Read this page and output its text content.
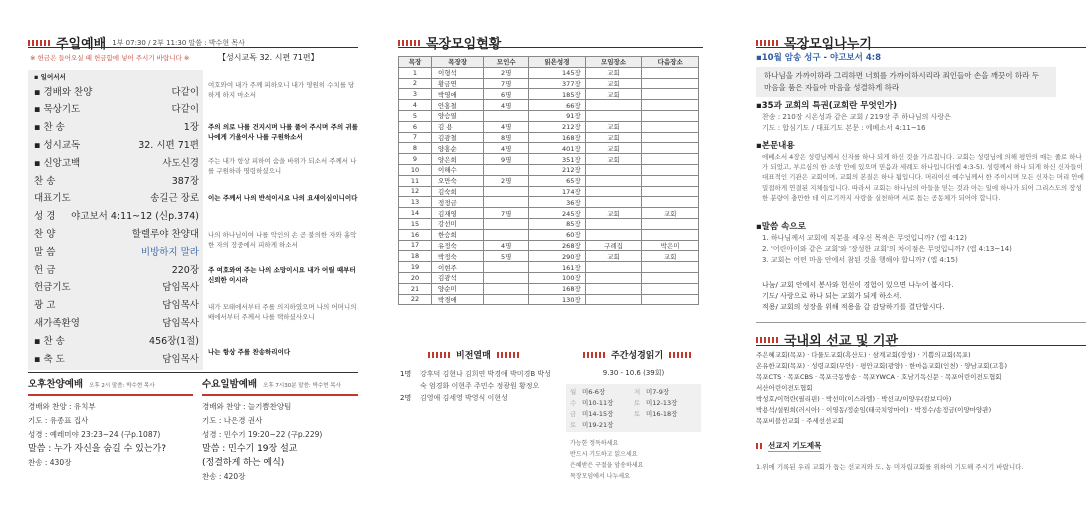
주일예배 1부 07:30 / 2부 11:30 말씀 : 박수현 목사
※ 헌금은 들어오실 때 헌금함에 넣어 주시기 바랍니다 ※	【성시교독 32. 시편 71편】
▪ 일어서서
▪ 경배와 찬양	다같이
▪ 묵상기도	다같이
▪ 찬 송	1장
▪ 성시교독	32. 시편 71편
▪ 신앙고백	사도신경
찬 송	387장
대표기도	송길근 장로
성 경 야고보서 4:11~12 (신p.374)
찬 양	할렐루야 찬양대
말 씀	비방하지 말라
헌 금	220장
헌금기도	담임목사
광 고	담임목사
새가족환영	담임목사
▪ 찬 송	456장(1절)
▪ 축 도	담임목사
여호와여 내가 주께 피하오니 내가 영원히 수치를 당하게 하지 마소서
주의 의로 나를 건지시며 나를 풀어 주시며 주의 귀를 나에게 기울이사 나를 구원하소서
주는 내가 항상 피하여 숨을 바위가 되소서 주께서 나를 구원하라 명령하셨으니
이는 주께서 나의 반석이시요 나의 요새이심이니이다
나의 하나님이여 나를 악인의 손 곧 불의한 자와 흉악한 자의 장중에서 피하게 하소서
주 여호와여 주는 나의 소망이시요 내가 어릴 때부터 신뢰한 이시라
내가 모태에서부터 주를 의지하였으며 나의 어머니의 배에서부터 주께서 나를 택하셨사오니
나는 항상 주를 찬송하리이다
오후찬양예배 오후 2시 말씀: 박수현 목사
경배와 찬양 : 유치부
기도 : 유종표 집사
성경 : 예레미야 23:23~24 (구p.1087)
말씀 : 누가 자신을 숨길 수 있는가?
찬송 : 430장
수요일밤예배 오후 7시30분 말씀: 박수현 목사
경배와 찬양 : 늘기쁨찬양팀
기도 : 나은경 권사
성경 : 민수기 19:20~22 (구p.229)
말씀 : 민수기 19장 설교
(정결하게 하는 예식)
찬송 : 420장
목장모임현황
목장	목장장	모인수	읽은성경	모임장소	다음장소
1	이형석	2명	145장	교회	
2	황금연	7명	377장	교회	
3	박영애	6명	185장	교회	
4	안홍철	4명	66장		
5	양승열		91장		
6	김 용	4명	212장	교회	
7	김광철	8명	168장	교회	
8	양홍순	4명	401장	교회	
9	양은희	9명	351장	교회	
10	이해수		212장		
11	오만숙	2명	65장		
12	김숙희		174장		
13	정정금		36장		
14	김재영	7명	245장	교회	교회
15	강선미		85장		
16	한승희		60장		
17	유정숙	4명	268장	구례집	박은미
18	박정숙	5명	290장	교회	교회
19	이현주		161장		
20	김광석		100장		
21	양순미		168장		
22	박경애		130장		
비전열매
1명	강후덕 김현나 김희연 박경애 박미경B 박성숙 엄경화 이현주 주민수 정광원 황정오
2명	김영애 김세영 박영식 이현성
주간성경읽기
9.30 - 10.6 (39회)
월 미6-6장	저 미7-9장
수 미10-11장	토 미12-13장
금 미14-15장	토 미16-18장
토 미19-21장
가능한 정독하세요
반드시 기도하고 읽으세요
은혜받은 구절을 암송하세요
목장모임에서 나누세요
목장모임나누기
▪10월 암송 성구 - 야고보서 4:8
하나님을 가까이하라 그리하면 너희를 가까이하시리라 죄인들아 손을 깨끗이 하라 두 마음을 품은 자들아 마음을 성결하게 하라
▪35과 교회의 특권(교회란 무엇인가)
찬송 : 210장 시온성과 같은 교회 / 219장 주 하나님의 사랑은
기도 : 합심기도 / 대표기도 본문 : 에베소서 4:11~16
▪본문내용
에베소서 4장은 성령님께서 신자를 하나 되게 하신 것을 가르칩니다. 교회는 성령님에 의해 평안의 매는 줄로 하나가 되었고, 부르심의 한 소망 안에 있으며 믿음과 세례도 하나입니다(엡 4:3-5). 성령께서 하나 되게 하신 신자들이 대표적인 기관은 교회이며, 교회의 본질은 하나 됨입니다. 머리이신 예수님께서 한 주이시며 모든 신자는 머리 안에 밀접하게 연결된 지체들입니다. 따라서 교회는 하나님의 아들을 믿는 것과 아는 일에 하나가 되어 그리스도의 장성한 분량이 충만한 데 이르기까지 사랑을 실천하며 서로 돕는 공동체가 되어야 합니다.
▪말씀 속으로
1. 하나님께서 교회에 직분을 세우신 목적은 무엇입니까? (엡 4:12)
2. '어린아이와 같은 교회'와 '장성한 교회'의 차이점은 무엇입니까? (엡 4:13~14)
3. 교회는 어떤 마음 안에서 참된 것을 행해야 합니까? (엡 4:15)
나눔/ 교회 안에서 봉사와 헌신이 경험이 있으면 나누어 봅시다.
기도/ 사랑으로 하나 되는 교회가 되게 하소서.
적용/ 교회의 성장을 위해 적용을 갈 감당하기를 결단합시다.
국내외 선교 및 기관
주은혜교회(목포) · 다물도교회(흑산도) · 삼계교회(장성) · 기쁨의교회(목포)
온유한교회(목포) · 성령교회(무안) · 평안교회(광양) · 한마음교회(인천) · 양남교회(고흥)
목포CTS · 목포CBS · 목포극동방송 · 목포YWCA · 호남기독신문 · 목포어린이전도협회
서산어린이전도협회
박성호/이혁란(필리핀) · 박선미(이스라엘) · 박선교/이양우(캄보디아)
박용석/설원희(러시아) · 이영동/정순임(태국치앙마이) · 박정수/송정금(이양마양관)
목포비블선교회 · 주세선선교회
선교지 기도제목
1.위에 기록된 우리 교회가 돕는 선교지와 도, 농 미자립교회를 위하여 기도해 주시기 바랍니다.
